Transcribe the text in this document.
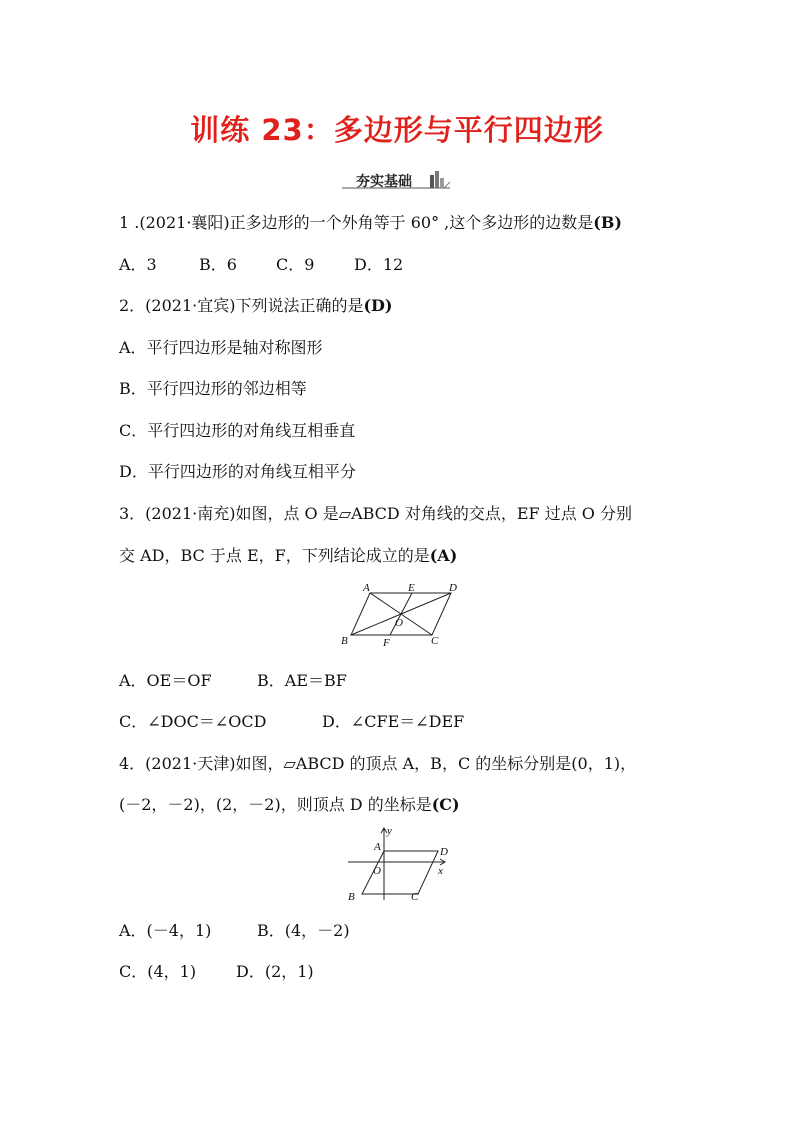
训练 23：多边形与平行四边形
夯实基础
1 .(2021·襄阳)正多边形的一个外角等于 60° ,这个多边形的边数是(B)
A．3	B．6 C．9 D．12
2．(2021·宜宾)下列说法正确的是(D)
A．平行四边形是轴对称图形
B．平行四边形的邻边相等
C．平行四边形的对角线互相垂直
D．平行四边形的对角线互相平分
3．(2021·南充)如图，点 O 是▱ABCD 对角线的交点，EF 过点 O 分别
交 AD，BC 于点 E，F，下列结论成立的是(A)
A	E	D
O
B	F	C
A．OE＝OF	B．AE＝BF
C．∠DOC＝∠OCD	D．∠CFE＝∠DEF
4．(2021·天津)如图，▱ABCD 的顶点 A，B，C 的坐标分别是(0，1)，
(－2，－2)，(2，－2)，则顶点 D 的坐标是(C)
y
A	D
O	x
B	C
A．(－4，1)	B．(4，－2)
C．(4，1) D．(2，1)
